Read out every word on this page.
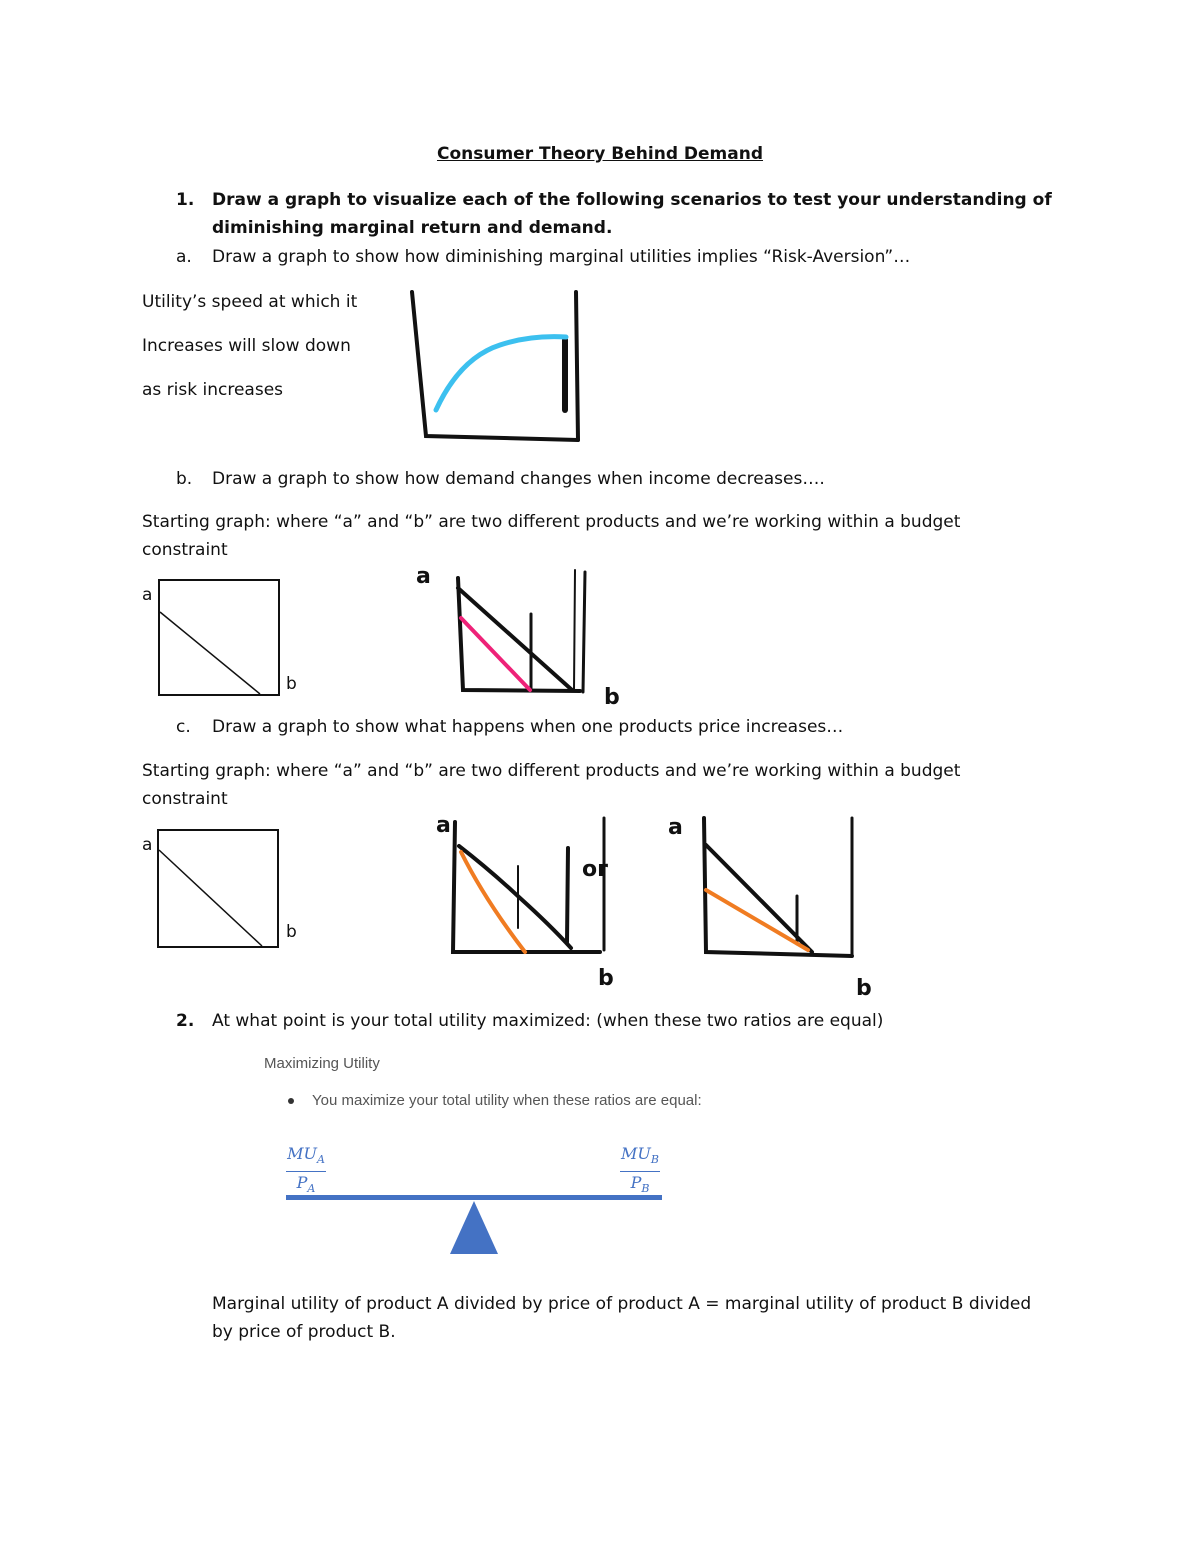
Consumer Theory Behind Demand
1. Draw a graph to visualize each of the following scenarios to test your understanding of
diminishing marginal return and demand.
a. Draw a graph to show how diminishing marginal utilities implies “Risk-Aversion”…
Utility’s speed at which it
Increases will slow down
as risk increases
b. Draw a graph to show how demand changes when income decreases….
Starting graph: where “a” and “b” are two different products and we’re working within a budget
constraint
a
b
a
b
c. Draw a graph to show what happens when one products price increases…
Starting graph: where “a” and “b” are two different products and we’re working within a budget
constraint
a
b
a
b
or
a
b
2. At what point is your total utility maximized: (when these two ratios are equal)
Maximizing Utility
You maximize your total utility when these ratios are equal:
$MU_A$
$P_A$
$MU_B$
$P_B$
Marginal utility of product A divided by price of product A = marginal utility of product B divided
by price of product B.
